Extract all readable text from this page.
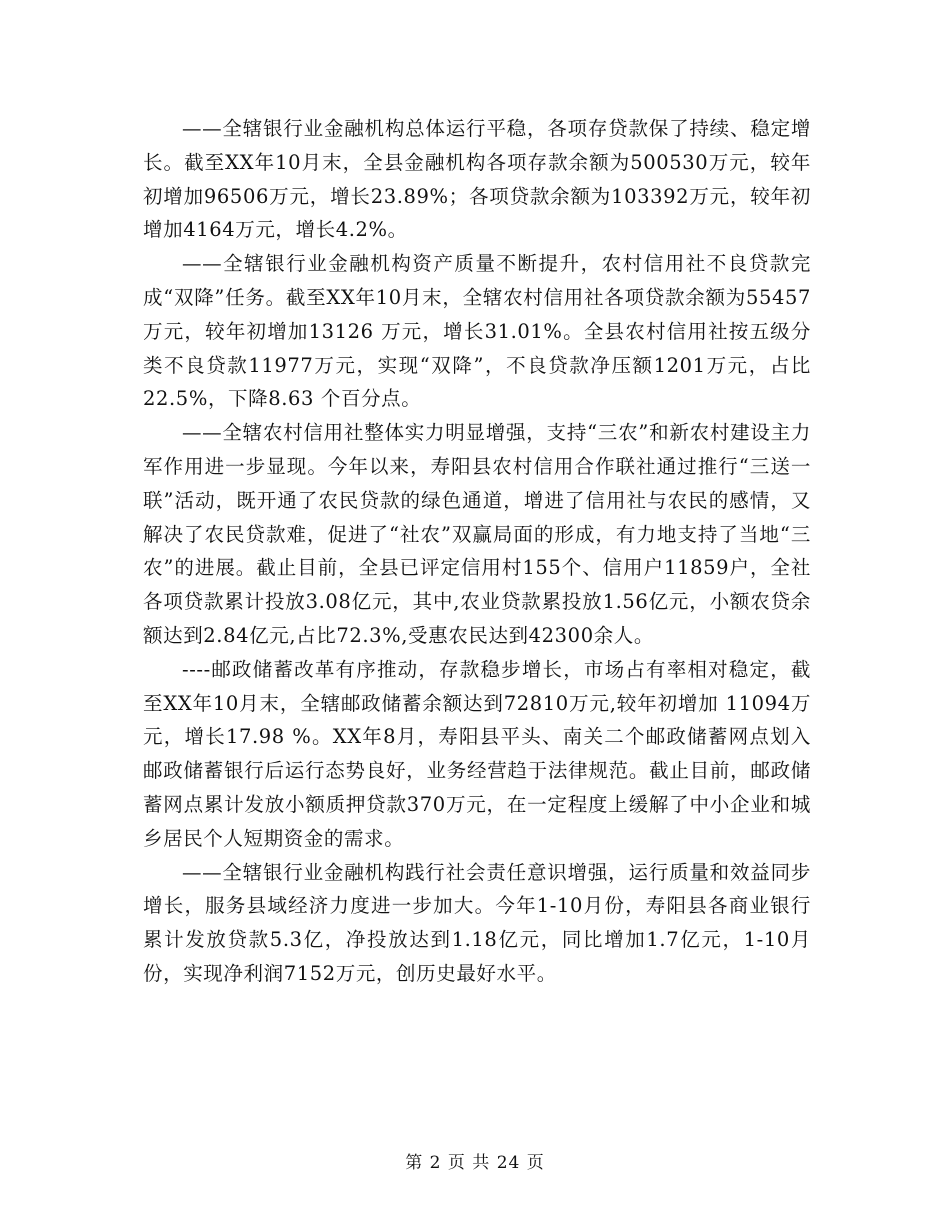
——全辖银行业金融机构总体运行平稳，各项存贷款保了持续、稳定增长。截至XX年10月末，全县金融机构各项存款余额为500530万元，较年初增加96506万元，增长23.89%；各项贷款余额为103392万元，较年初增加4164万元，增长4.2%。

——全辖银行业金融机构资产质量不断提升，农村信用社不良贷款完成“双降”任务。截至XX年10月末，全辖农村信用社各项贷款余额为55457万元，较年初增加13126 万元，增长31.01%。全县农村信用社按五级分类不良贷款11977万元，实现“双降”，不良贷款净压额1201万元，占比22.5%，下降8.63 个百分点。

——全辖农村信用社整体实力明显增强，支持“三农”和新农村建设主力军作用进一步显现。今年以来，寿阳县农村信用合作联社通过推行“三送一联”活动，既开通了农民贷款的绿色通道，增进了信用社与农民的感情，又解决了农民贷款难，促进了“社农”双赢局面的形成，有力地支持了当地“三农”的进展。截止目前，全县已评定信用村155个、信用户11859户，全社各项贷款累计投放3.08亿元，其中,农业贷款累投放1.56亿元，小额农贷余额达到2.84亿元,占比72.3%,受惠农民达到42300余人。

----邮政储蓄改革有序推动，存款稳步增长，市场占有率相对稳定，截至XX年10月末，全辖邮政储蓄余额达到72810万元,较年初增加 11094万元，增长17.98 %。XX年8月，寿阳县平头、南关二个邮政储蓄网点划入邮政储蓄银行后运行态势良好，业务经营趋于法律规范。截止目前，邮政储蓄网点累计发放小额质押贷款370万元，在一定程度上缓解了中小企业和城乡居民个人短期资金的需求。

——全辖银行业金融机构践行社会责任意识增强，运行质量和效益同步增长，服务县域经济力度进一步加大。今年1-10月份，寿阳县各商业银行累计发放贷款5.3亿，净投放达到1.18亿元，同比增加1.7亿元，1-10月份，实现净利润7152万元，创历史最好水平。

第 2 页 共 24 页
